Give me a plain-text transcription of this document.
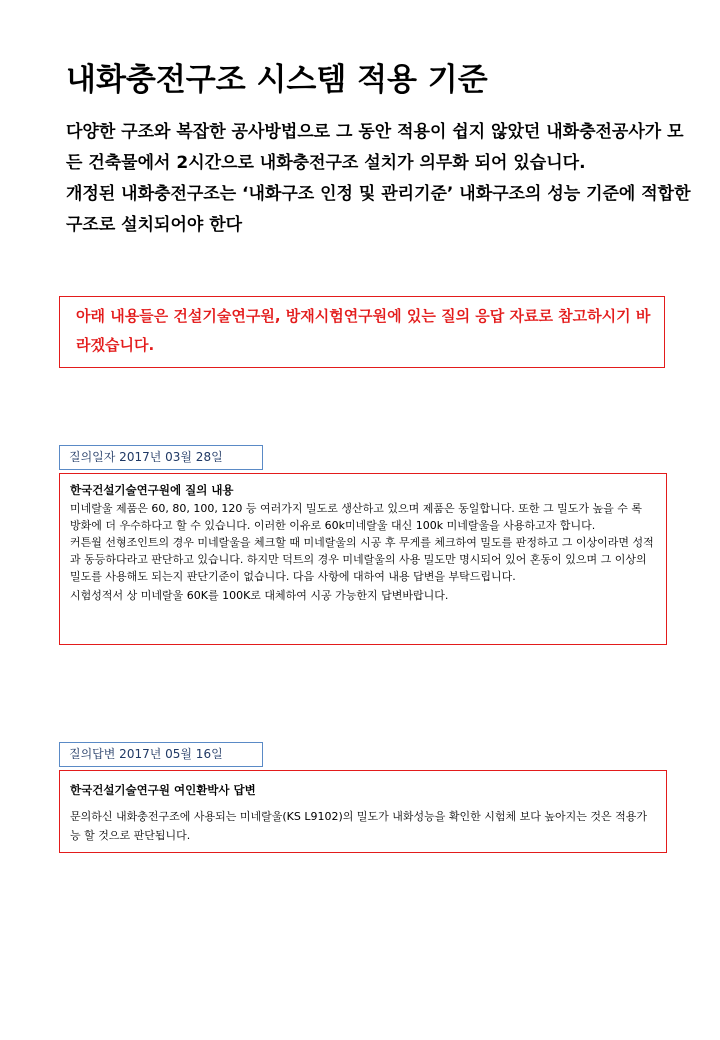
내화충전구조 시스템 적용 기준

다양한 구조와 복잡한 공사방법으로 그 동안 적용이 쉽지 않았던 내화충전공사가 모든 건축물에서 2시간으로 내화충전구조 설치가 의무화 되어 있습니다.

개정된 내화충전구조는 ‘내화구조 인정 및 관리기준’ 내화구조의 성능 기준에 적합한 구조로 설치되어야 한다

아래 내용들은 건설기술연구원, 방재시험연구원에 있는 질의 응답 자료로 참고하시기 바라겠습니다.
질의일자 2017년 03월 28일

한국건설기술연구원에 질의 내용

미네랄울 제품은 60, 80, 100, 120 등 여러가지 밀도로 생산하고 있으며 제품은 동일합니다. 또한 그 밀도가 높을 수 록 방화에 더 우수하다고 할 수 있습니다. 이러한 이유로 60k미네랄울 대신 100k 미네랄울을 사용하고자 합니다.

커튼월 선형조인트의 경우 미네랄울을 체크할 때 미네랄울의 시공 후 무게를 체크하여 밀도를 판정하고 그 이상이라면 성적과 동등하다라고 판단하고 있습니다. 하지만 덕트의 경우 미네랄울의 사용 밀도만 명시되어 있어 혼동이 있으며 그 이상의 밀도를 사용해도 되는지 판단기준이 없습니다. 다음 사항에 대하여 내용 답변을 부탁드립니다.

시험성적서 상 미네랄울 60K를 100K로 대체하여 시공 가능한지 답변바랍니다.

질의답변 2017년 05월 16일

한국건설기술연구원 여인환박사 답변

문의하신 내화충전구조에 사용되는 미네랄울(KS L9102)의 밀도가 내화성능을 확인한 시험체 보다 높아지는 것은 적용가능 할 것으로 판단됩니다.
